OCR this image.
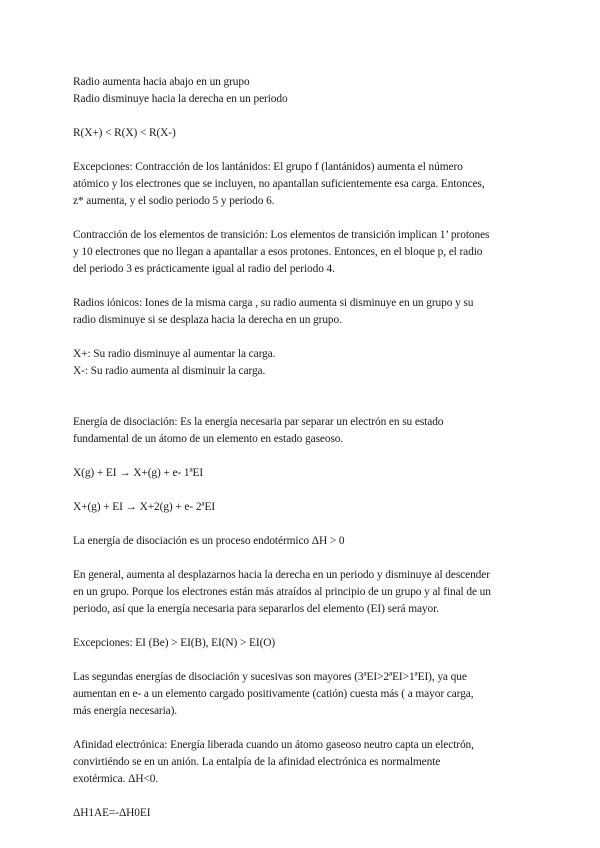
Radio aumenta hacia abajo en un grupo
Radio disminuye hacia la derecha en un periodo

R(X+) < R(X) < R(X-)

Excepciones: Contracción de los lantánidos: El grupo f (lantánidos) aumenta el número
atómico y los electrones que se incluyen, no apantallan suficientemente esa carga. Entonces,
z* aumenta, y el sodio periodo 5 y periodo 6.

Contracción de los elementos de transición: Los elementos de transición implican 1’ protones
y 10 electrones que no llegan a apantallar a esos protones. Entonces, en el bloque p, el radio
del periodo 3 es prácticamente igual al radio del periodo 4.

Radios iónicos: Iones de la misma carga , su radio aumenta si disminuye en un grupo y su
radio disminuye si se desplaza hacia la derecha en un grupo.

X+: Su radio disminuye al aumentar la carga.
X-: Su radio aumenta al disminuir la carga.

Energía de disociación: Es la energía necesaria par separar un electrón en su estado
fundamental de un átomo de un elemento en estado gaseoso.

X(g) + EI → X+(g) + e- 1ªEI

X+(g) + EI → X+2(g) + e- 2ªEI

La energía de disociación es un proceso endotérmico ΔH > 0

En general, aumenta al desplazarnos hacia la derecha en un periodo y disminuye al descender
en un grupo. Porque los electrones están más atraídos al principio de un grupo y al final de un
periodo, así que la energía necesaria para separarlos del elemento (EI) será mayor.

Excepciones: EI (Be) > EI(B), EI(N) > EI(O)

Las segundas energías de disociación y sucesivas son mayores (3ªEI>2ªEI>1ªEI), ya que
aumentan en e- a un elemento cargado positivamente (catión) cuesta más ( a mayor carga,
más energía necesaria).

Afinidad electrónica: Energía liberada cuando un átomo gaseoso neutro capta un electrón,
convirtiéndo se en un anión. La entalpía de la afinidad electrónica es normalmente
exotérmica. ΔH<0.

ΔH1AE=-ΔH0EI
